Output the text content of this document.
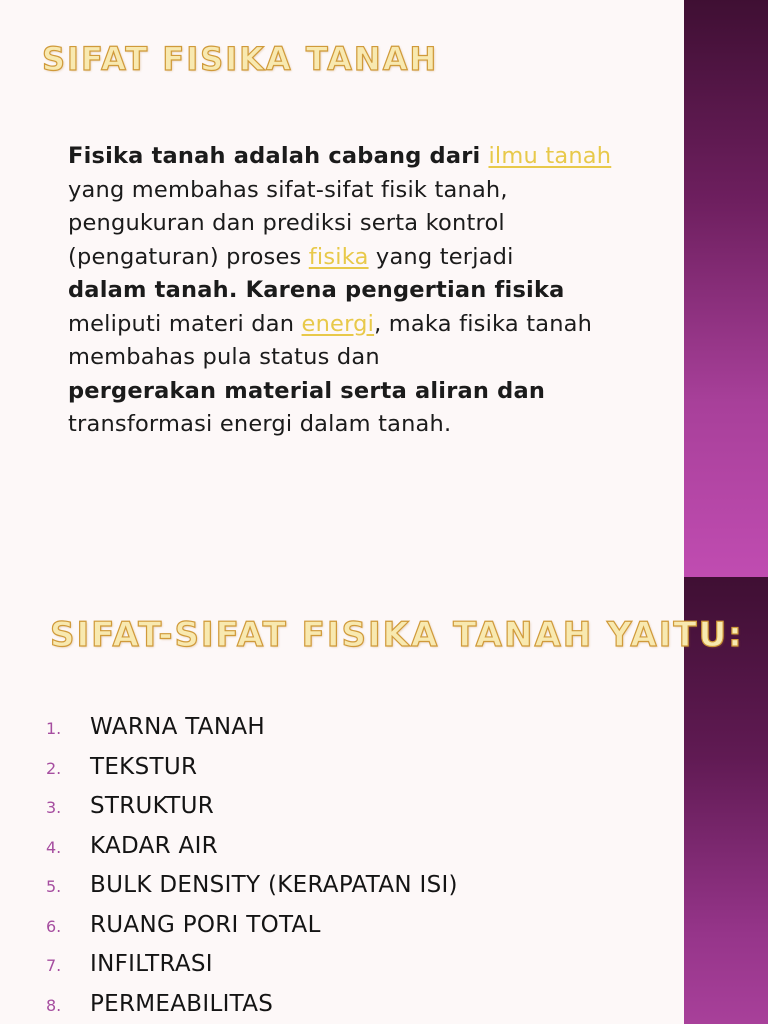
SIFAT FISIKA TANAH

Fisika tanah adalah cabang dari ilmu tanah
yang membahas sifat-sifat fisik tanah, pengukuran dan prediksi serta kontrol (pengaturan) proses fisika yang terjadi
dalam tanah. Karena pengertian fisika
meliputi materi dan energi, maka fisika tanah membahas pula status dan
pergerakan material serta aliran dan
transformasi energi dalam tanah.

SIFAT-SIFAT FISIKA TANAH YAITU:
1.	WARNA TANAH
2.	TEKSTUR
3.	STRUKTUR
4.	KADAR AIR
5.	BULK DENSITY (KERAPATAN ISI)
6.	RUANG PORI TOTAL
7.	INFILTRASI
8.	PERMEABILITAS
